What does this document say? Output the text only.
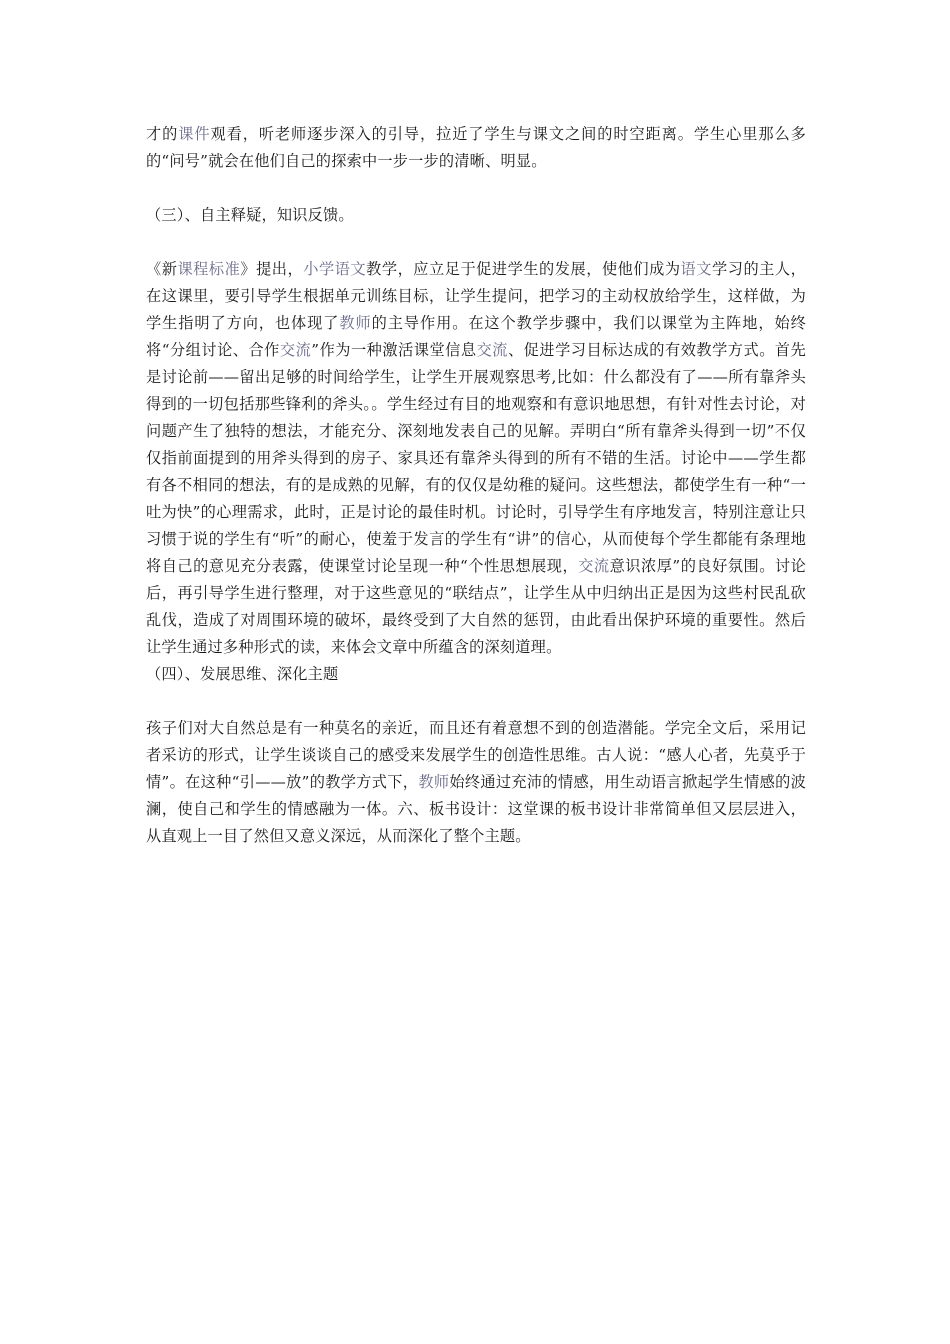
才的课件观看，听老师逐步深入的引导，拉近了学生与课文之间的时空距离。学生心里那么多的“问号”就会在他们自己的探索中一步一步的清晰、明显。

（三）、自主释疑，知识反馈。

《新课程标准》提出，小学语文教学，应立足于促进学生的发展，使他们成为语文学习的主人，在这课里，要引导学生根据单元训练目标，让学生提问，把学习的主动权放给学生，这样做，为学生指明了方向，也体现了教师的主导作用。在这个教学步骤中，我们以课堂为主阵地，始终将“分组讨论、合作交流”作为一种激活课堂信息交流、促进学习目标达成的有效教学方式。首先是讨论前——留出足够的时间给学生，让学生开展观察思考,比如：什么都没有了——所有靠斧头得到的一切包括那些锋利的斧头。。学生经过有目的地观察和有意识地思想，有针对性去讨论，对问题产生了独特的想法，才能充分、深刻地发表自己的见解。弄明白“所有靠斧头得到一切”不仅仅指前面提到的用斧头得到的房子、家具还有靠斧头得到的所有不错的生活。讨论中——学生都有各不相同的想法，有的是成熟的见解，有的仅仅是幼稚的疑问。这些想法，都使学生有一种“一吐为快”的心理需求，此时，正是讨论的最佳时机。讨论时，引导学生有序地发言，特别注意让只习惯于说的学生有“听”的耐心，使羞于发言的学生有“讲”的信心，从而使每个学生都能有条理地将自己的意见充分表露，使课堂讨论呈现一种“个性思想展现，交流意识浓厚”的良好氛围。讨论后，再引导学生进行整理，对于这些意见的“联结点”，让学生从中归纳出正是因为这些村民乱砍乱伐，造成了对周围环境的破坏，最终受到了大自然的惩罚，由此看出保护环境的重要性。然后让学生通过多种形式的读，来体会文章中所蕴含的深刻道理。

（四）、发展思维、深化主题

孩子们对大自然总是有一种莫名的亲近，而且还有着意想不到的创造潜能。学完全文后，采用记者采访的形式，让学生谈谈自己的感受来发展学生的创造性思维。古人说：“感人心者，先莫乎于情”。在这种“引——放”的教学方式下，教师始终通过充沛的情感，用生动语言掀起学生情感的波澜，使自己和学生的情感融为一体。六、板书设计：这堂课的板书设计非常简单但又层层进入，从直观上一目了然但又意义深远，从而深化了整个主题。
